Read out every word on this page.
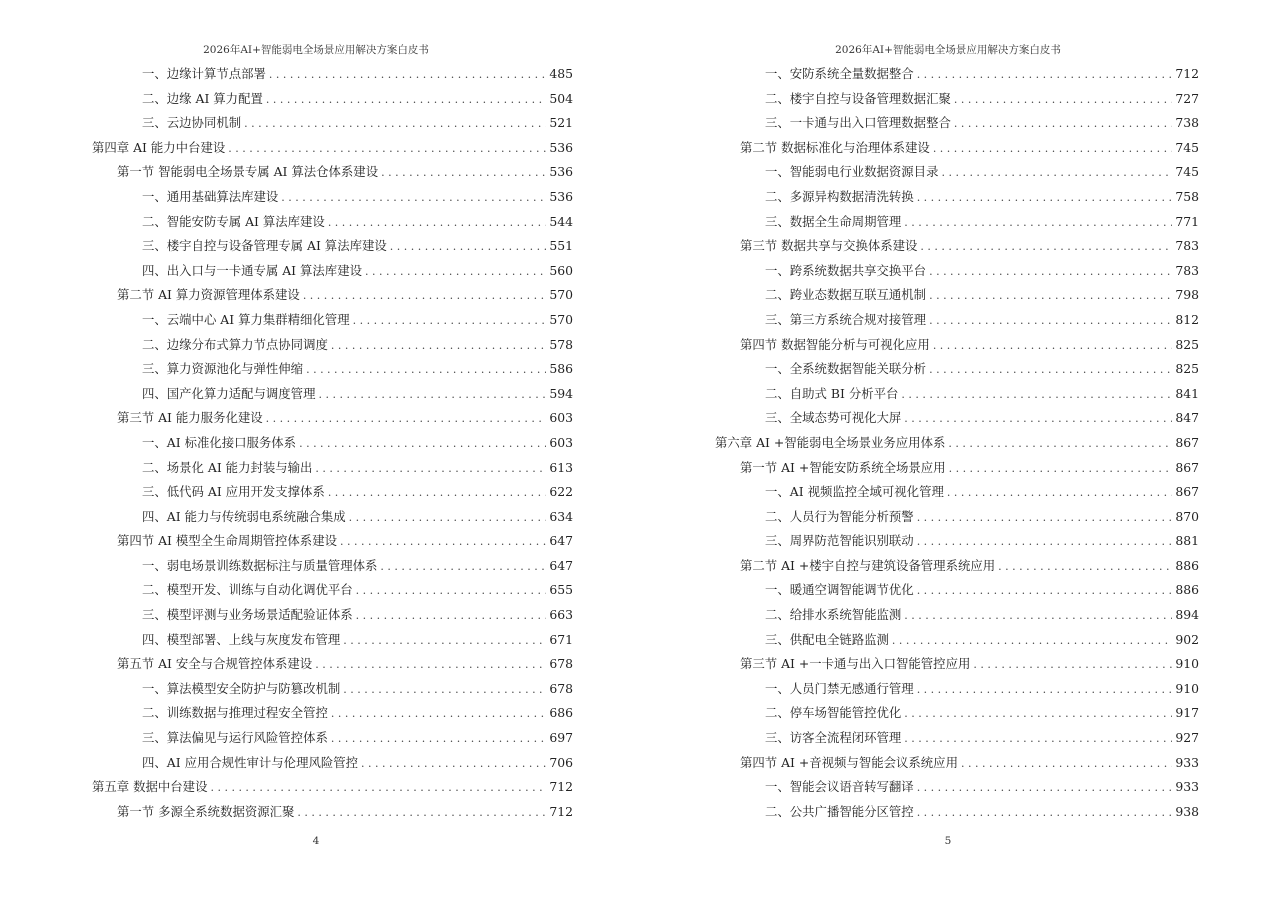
2026年AI+智能弱电全场景应用解决方案白皮书
一、边缘计算节点部署 . . .	485
二、边缘 AI 算力配置 . . .	504
三、云边协同机制 . . .	521
第四章 AI 能力中台建设 . . .	536
第一节 智能弱电全场景专属 AI 算法仓体系建设 . . .	536
一、通用基础算法库建设 . . .	536
二、智能安防专属 AI 算法库建设 . . .	544
三、楼宇自控与设备管理专属 AI 算法库建设 . . .	551
四、出入口与一卡通专属 AI 算法库建设 . . .	560
第二节 AI 算力资源管理体系建设 . . .	570
一、云端中心 AI 算力集群精细化管理 . . .	570
二、边缘分布式算力节点协同调度 . . .	578
三、算力资源池化与弹性伸缩 . . .	586
四、国产化算力适配与调度管理 . . .	594
第三节 AI 能力服务化建设 . . .	603
一、AI 标准化接口服务体系 . . .	603
二、场景化 AI 能力封装与输出 . . .	613
三、低代码 AI 应用开发支撑体系 . . .	622
四、AI 能力与传统弱电系统融合集成 . . .	634
第四节 AI 模型全生命周期管控体系建设 . . .	647
一、弱电场景训练数据标注与质量管理体系 . . .	647
二、模型开发、训练与自动化调优平台 . . .	655
三、模型评测与业务场景适配验证体系 . . .	663
四、模型部署、上线与灰度发布管理 . . .	671
第五节 AI 安全与合规管控体系建设 . . .	678
一、算法模型安全防护与防篡改机制 . . .	678
二、训练数据与推理过程安全管控 . . .	686
三、算法偏见与运行风险管控体系 . . .	697
四、AI 应用合规性审计与伦理风险管控 . . .	706
第五章 数据中台建设 . . .	712
第一节 多源全系统数据资源汇聚 . . .	712
4
2026年AI+智能弱电全场景应用解决方案白皮书
一、安防系统全量数据整合 . . .	712
二、楼宇自控与设备管理数据汇聚 . . .	727
三、一卡通与出入口管理数据整合 . . .	738
第二节 数据标准化与治理体系建设 . . .	745
一、智能弱电行业数据资源目录 . . .	745
二、多源异构数据清洗转换 . . .	758
三、数据全生命周期管理 . . .	771
第三节 数据共享与交换体系建设 . . .	783
一、跨系统数据共享交换平台 . . .	783
二、跨业态数据互联互通机制 . . .	798
三、第三方系统合规对接管理 . . .	812
第四节 数据智能分析与可视化应用 . . .	825
一、全系统数据智能关联分析 . . .	825
二、自助式 BI 分析平台 . . .	841
三、全域态势可视化大屏 . . .	847
第六章 AI +智能弱电全场景业务应用体系 . . .	867
第一节 AI +智能安防系统全场景应用 . . .	867
一、AI 视频监控全域可视化管理 . . .	867
二、人员行为智能分析预警 . . .	870
三、周界防范智能识别联动 . . .	881
第二节 AI +楼宇自控与建筑设备管理系统应用 . . .	886
一、暖通空调智能调节优化 . . .	886
二、给排水系统智能监测 . . .	894
三、供配电全链路监测 . . .	902
第三节 AI +一卡通与出入口智能管控应用 . . .	910
一、人员门禁无感通行管理 . . .	910
二、停车场智能管控优化 . . .	917
三、访客全流程闭环管理 . . .	927
第四节 AI +音视频与智能会议系统应用 . . .	933
一、智能会议语音转写翻译 . . .	933
二、公共广播智能分区管控 . . .	938
5
